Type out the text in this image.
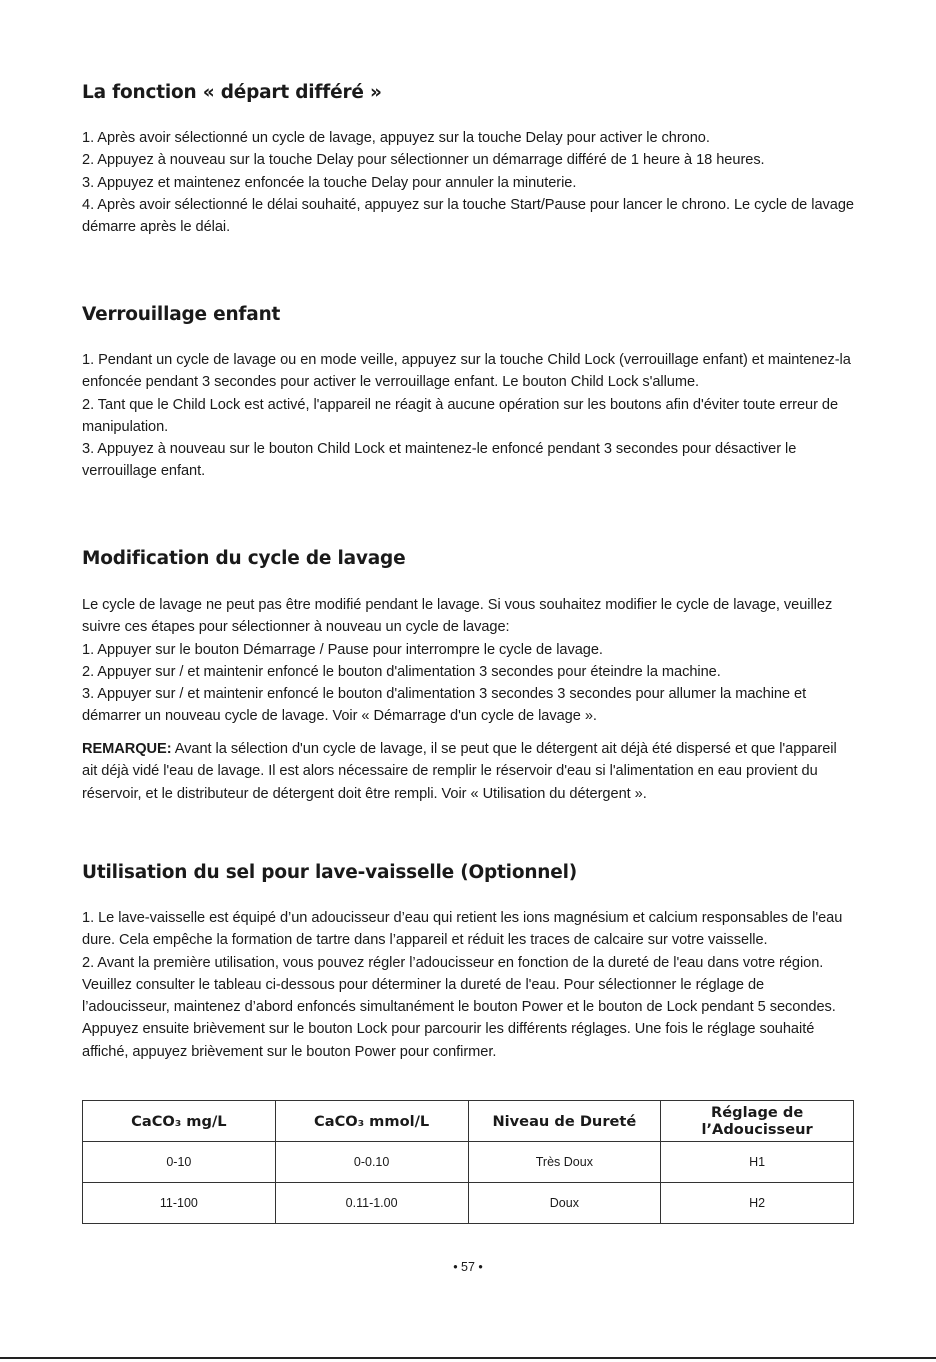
La fonction « départ différé »

1. Après avoir sélectionné un cycle de lavage, appuyez sur la touche Delay pour activer le chrono.

2. Appuyez à nouveau sur la touche Delay pour sélectionner un démarrage différé de 1 heure à 18 heures.

3. Appuyez et maintenez enfoncée la touche Delay pour annuler la minuterie.

4. Après avoir sélectionné le délai souhaité, appuyez sur la touche Start/Pause pour lancer le chrono. Le cycle de lavage démarre après le délai.

Verrouillage enfant

1. Pendant un cycle de lavage ou en mode veille, appuyez sur la touche Child Lock (verrouillage enfant) et maintenez-la enfoncée pendant 3 secondes pour activer le verrouillage enfant. Le bouton Child Lock s'allume.

2. Tant que le Child Lock est activé, l'appareil ne réagit à aucune opération sur les boutons afin d'éviter toute erreur de manipulation.

3. Appuyez à nouveau sur le bouton Child Lock et maintenez-le enfoncé pendant 3 secondes pour désactiver le verrouillage enfant.

Modification du cycle de lavage

Le cycle de lavage ne peut pas être modifié pendant le lavage. Si vous souhaitez modifier le cycle de lavage, veuillez suivre ces étapes pour sélectionner à nouveau un cycle de lavage:

1. Appuyer sur le bouton Démarrage / Pause pour interrompre le cycle de lavage.

2. Appuyer sur / et maintenir enfoncé le bouton d'alimentation 3 secondes pour éteindre la machine.

3. Appuyer sur / et maintenir enfoncé le bouton d'alimentation 3 secondes 3 secondes pour allumer la machine et démarrer un nouveau cycle de lavage. Voir « Démarrage d'un cycle de lavage ».

REMARQUE: Avant la sélection d'un cycle de lavage, il se peut que le détergent ait déjà été dispersé et que l'appareil ait déjà vidé l'eau de lavage. Il est alors nécessaire de remplir le réservoir d'eau si l'alimentation en eau provient du réservoir, et le distributeur de détergent doit être rempli. Voir « Utilisation du détergent ».

Utilisation du sel pour lave-vaisselle (Optionnel)

1. Le lave-vaisselle est équipé d’un adoucisseur d’eau qui retient les ions magnésium et calcium responsables de l'eau dure. Cela empêche la formation de tartre dans l’appareil et réduit les traces de calcaire sur votre vaisselle.

2. Avant la première utilisation, vous pouvez régler l’adoucisseur en fonction de la dureté de l'eau dans votre région. Veuillez consulter le tableau ci-dessous pour déterminer la dureté de l'eau. Pour sélectionner le réglage de l’adoucisseur, maintenez d’abord enfoncés simultanément le bouton Power et le bouton de Lock pendant 5 secondes. Appuyez ensuite brièvement sur le bouton Lock pour parcourir les différents réglages. Une fois le réglage souhaité affiché, appuyez brièvement sur le bouton Power pour confirmer.

CaCO₃ mg/L	CaCO₃ mmol/L	Niveau de Dureté	Réglage de l’Adoucisseur
0-10	0-0.10	Très Doux	H1
11-100	0.11-1.00	Doux	H2
• 57 •
